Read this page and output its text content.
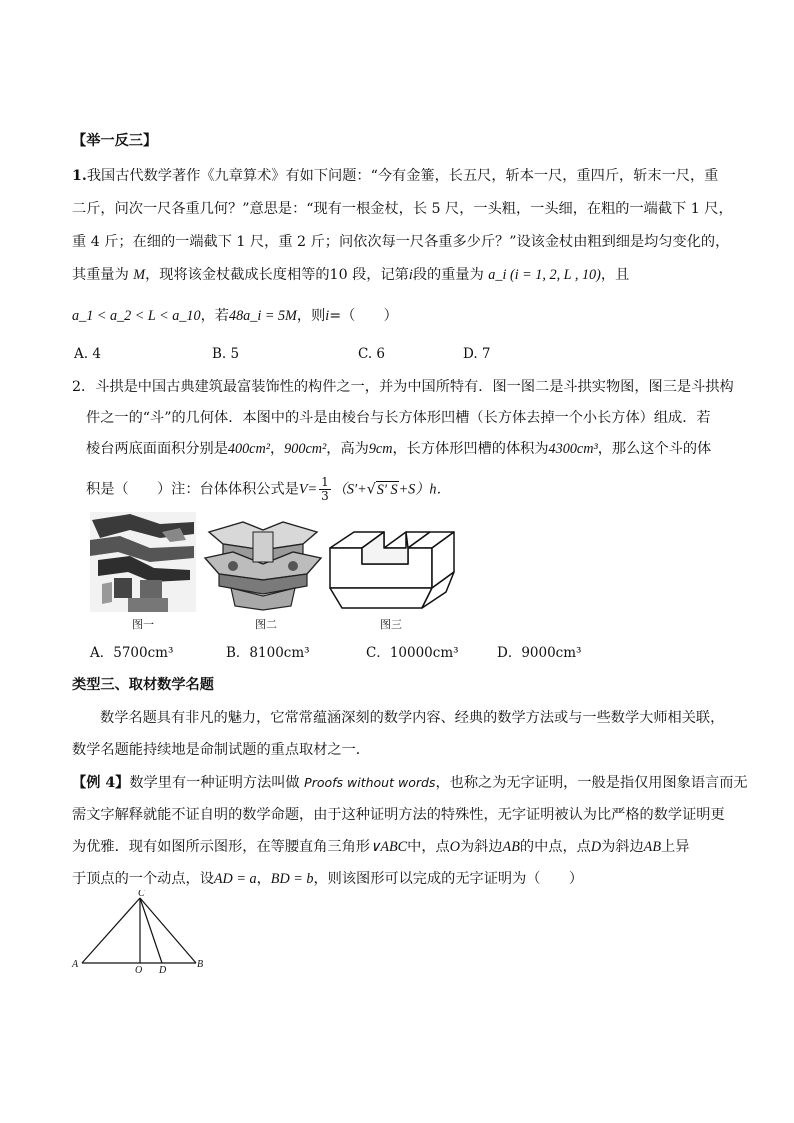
【举一反三】
1.我国古代数学著作《九章算术》有如下问题：“今有金箠，长五尺，斩本一尺，重四斤，斩末一尺，重
二斤，问次一尺各重几何？”意思是：“现有一根金杖，长 5 尺，一头粗，一头细，在粗的一端截下 1 尺，
重 4 斤；在细的一端截下 1 尺，重 2 斤；问依次每一尺各重多少斤？”设该金杖由粗到细是均匀变化的，
其重量为 M，现将该金杖截成长度相等的10 段，记第i段的重量为 a_i (i = 1, 2, L , 10)，且
a_1 < a_2 < L < a_10，若48a_i = 5M，则i=（　　）
A. 4	B. 5	C. 6	D. 7
2．斗拱是中国古典建筑最富装饰性的构件之一，并为中国所特有．图一图二是斗拱实物图，图三是斗拱构
件之一的“斗”的几何体．本图中的斗是由棱台与长方体形凹槽（长方体去掉一个小长方体）组成．若
棱台两底面面积分别是400cm²，900cm²，高为9cm，长方体形凹槽的体积为4300cm³，那么这个斗的体
积是（　　）注：台体体积公式是$V= \frac{1}{3} (S'+√S'$ S+S）h．
图一	图二	图三
A．5700cm³	B．8100cm³	C．10000cm³	D．9000cm³
类型三、取材数学名题
数学名题具有非凡的魅力，它常常蕴涵深刻的数学内容、经典的数学方法或与一些数学大师相关联，
数学名题能持续地是命制试题的重点取材之一．
【例 4】数学里有一种证明方法叫做 Proofs without words，也称之为无字证明，一般是指仅用图象语言而无
需文字解释就能不证自明的数学命题，由于这种证明方法的特殊性，无字证明被认为比严格的数学证明更
为优雅．现有如图所示图形，在等腰直角三角形∨ABC中，点O为斜边AB的中点，点D为斜边AB上异
于顶点的一个动点，设AD = a，BD = b，则该图形可以完成的无字证明为（　　）
C
A
O D
B
